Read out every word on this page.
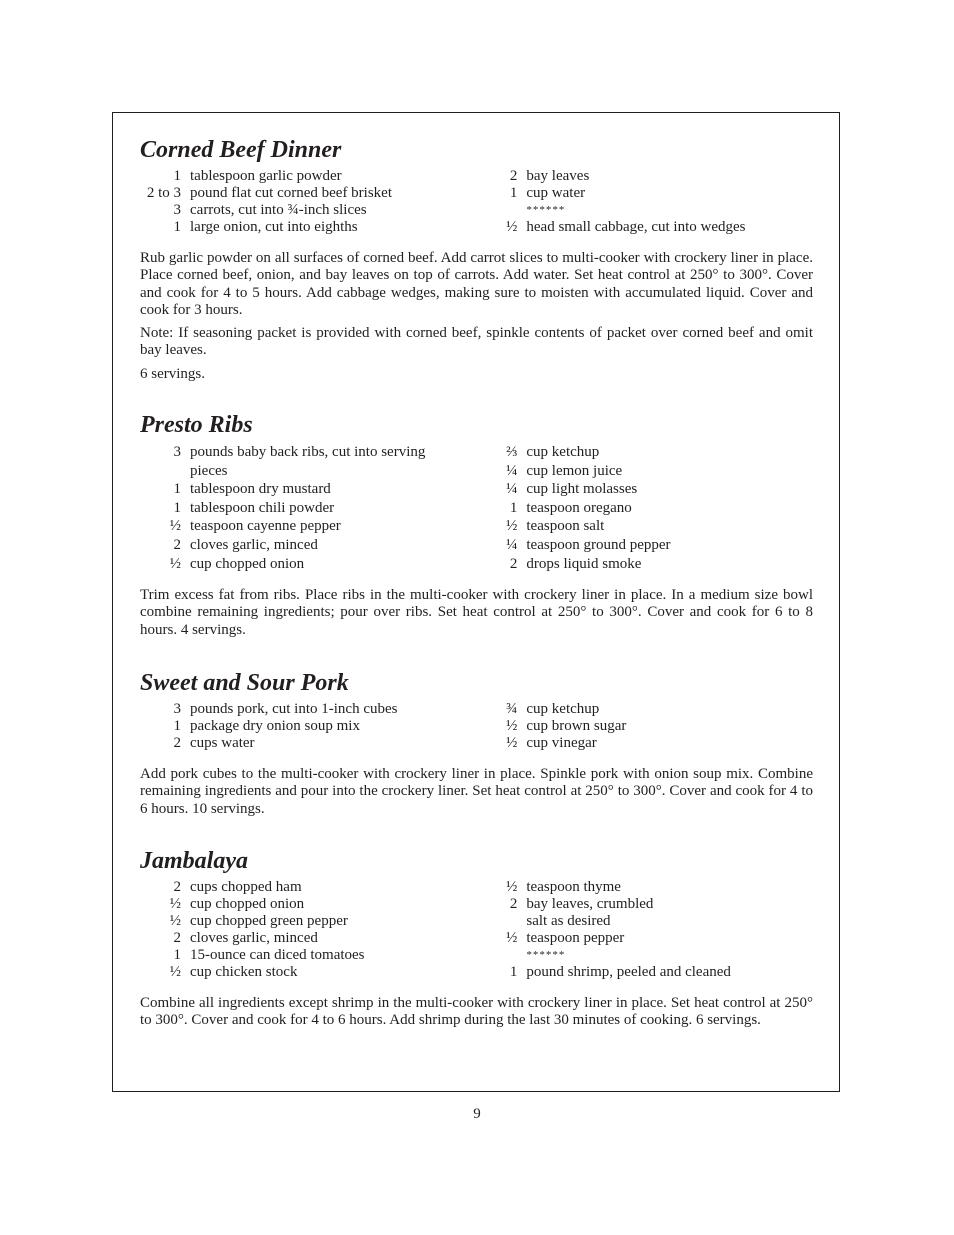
Corned Beef Dinner
1 tablespoon garlic powder
2 to 3 pound flat cut corned beef brisket
3 carrots, cut into ¾-inch slices
1 large onion, cut into eighths
2 bay leaves
1 cup water
******
½ head small cabbage, cut into wedges

Rub garlic powder on all surfaces of corned beef. Add carrot slices to multi-cooker with crockery liner in place. Place corned beef, onion, and bay leaves on top of carrots. Add water. Set heat control at 250° to 300°. Cover and cook for 4 to 5 hours. Add cabbage wedges, making sure to moisten with accumulated liquid. Cover and cook for 3 hours.

Note: If seasoning packet is provided with corned beef, spinkle contents of packet over corned beef and omit bay leaves.

6 servings.

Presto Ribs
3 pounds baby back ribs, cut into serving
pieces
1 tablespoon dry mustard
1 tablespoon chili powder
½ teaspoon cayenne pepper
2 cloves garlic, minced
½ cup chopped onion
⅔ cup ketchup
¼ cup lemon juice
¼ cup light molasses
1 teaspoon oregano
½ teaspoon salt
¼ teaspoon ground pepper
2 drops liquid smoke

Trim excess fat from ribs. Place ribs in the multi-cooker with crockery liner in place. In a medium size bowl combine remaining ingredients; pour over ribs. Set heat control at 250° to 300°. Cover and cook for 6 to 8 hours. 4 servings.

Sweet and Sour Pork
3 pounds pork, cut into 1-inch cubes
1 package dry onion soup mix
2 cups water
¾ cup ketchup
½ cup brown sugar
½ cup vinegar

Add pork cubes to the multi-cooker with crockery liner in place. Spinkle pork with onion soup mix. Combine remaining ingredients and pour into the crockery liner. Set heat control at 250° to 300°. Cover and cook for 4 to 6 hours. 10 servings.

Jambalaya
2 cups chopped ham
½ cup chopped onion
½ cup chopped green pepper
2 cloves garlic, minced
1 15-ounce can diced tomatoes
½ cup chicken stock
½ teaspoon thyme
2 bay leaves, crumbled
salt as desired
½ teaspoon pepper
******
1 pound shrimp, peeled and cleaned

Combine all ingredients except shrimp in the multi-cooker with crockery liner in place. Set heat control at 250° to 300°. Cover and cook for 4 to 6 hours. Add shrimp during the last 30 minutes of cooking. 6 servings.

9
